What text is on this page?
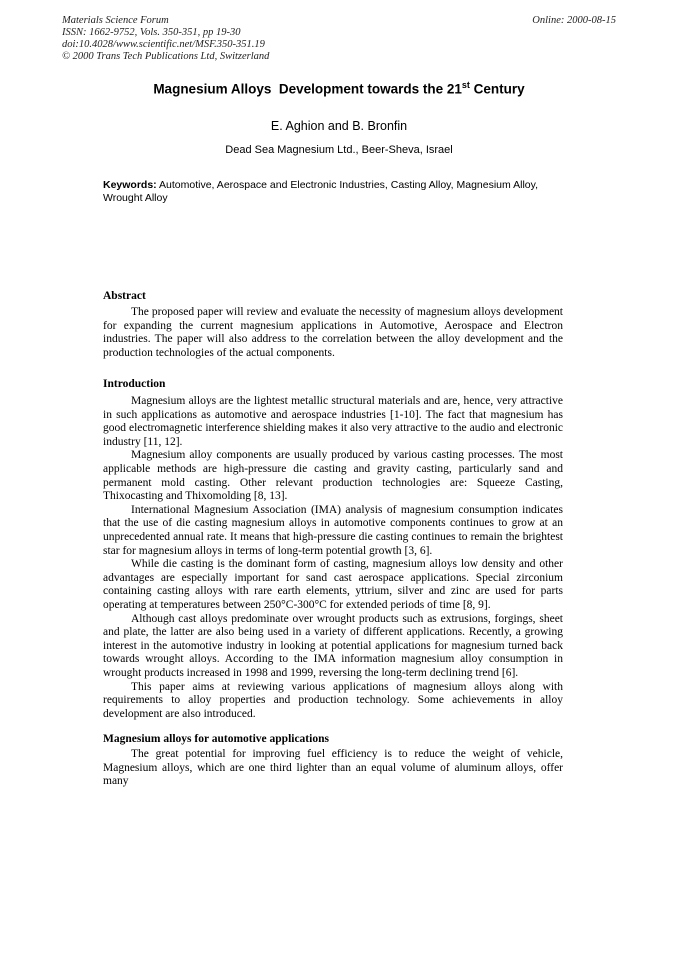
Materials Science Forum
ISSN: 1662-9752, Vols. 350-351, pp 19-30
doi:10.4028/www.scientific.net/MSF.350-351.19
© 2000 Trans Tech Publications Ltd, Switzerland
Online: 2000-08-15
Magnesium Alloys  Development towards the 21st Century
E. Aghion and B. Bronfin
Dead Sea Magnesium Ltd., Beer-Sheva, Israel

Keywords: Automotive, Aerospace and Electronic Industries, Casting Alloy, Magnesium Alloy, Wrought Alloy

Abstract

The proposed paper will review and evaluate the necessity of magnesium alloys development for expanding the current magnesium applications in Automotive, Aerospace and Electron industries. The paper will also address to the correlation between the alloy development and the production technologies of the actual components.

Introduction

Magnesium alloys are the lightest metallic structural materials and are, hence, very attractive in such applications as automotive and aerospace industries [1-10]. The fact that magnesium has good electromagnetic interference shielding makes it also very attractive to the audio and electronic industry [11, 12].

Magnesium alloy components are usually produced by various casting processes. The most applicable methods are high-pressure die casting and gravity casting, particularly sand and permanent mold casting. Other relevant production technologies are: Squeeze Casting, Thixocasting and Thixomolding [8, 13].

International Magnesium Association (IMA) analysis of magnesium consumption indicates that the use of die casting magnesium alloys in automotive components continues to grow at an unprecedented annual rate. It means that high-pressure die casting continues to remain the brightest star for magnesium alloys in terms of long-term potential growth [3, 6].

While die casting is the dominant form of casting, magnesium alloys low density and other advantages are especially important for sand cast aerospace applications. Special zirconium containing casting alloys with rare earth elements, yttrium, silver and zinc are used for parts operating at temperatures between 250°C-300°C for extended periods of time [8, 9].

Although cast alloys predominate over wrought products such as extrusions, forgings, sheet and plate, the latter are also being used in a variety of different applications. Recently, a growing interest in the automotive industry in looking at potential applications for magnesium turned back towards wrought alloys. According to the IMA information magnesium alloy consumption in wrought products increased in 1998 and 1999, reversing the long-term declining trend [6].

This paper aims at reviewing various applications of magnesium alloys along with requirements to alloy properties and production technology. Some achievements in alloy development are also introduced.

Magnesium alloys for automotive applications

The great potential for improving fuel efficiency is to reduce the weight of vehicle, Magnesium alloys, which are one third lighter than an equal volume of aluminum alloys, offer many
